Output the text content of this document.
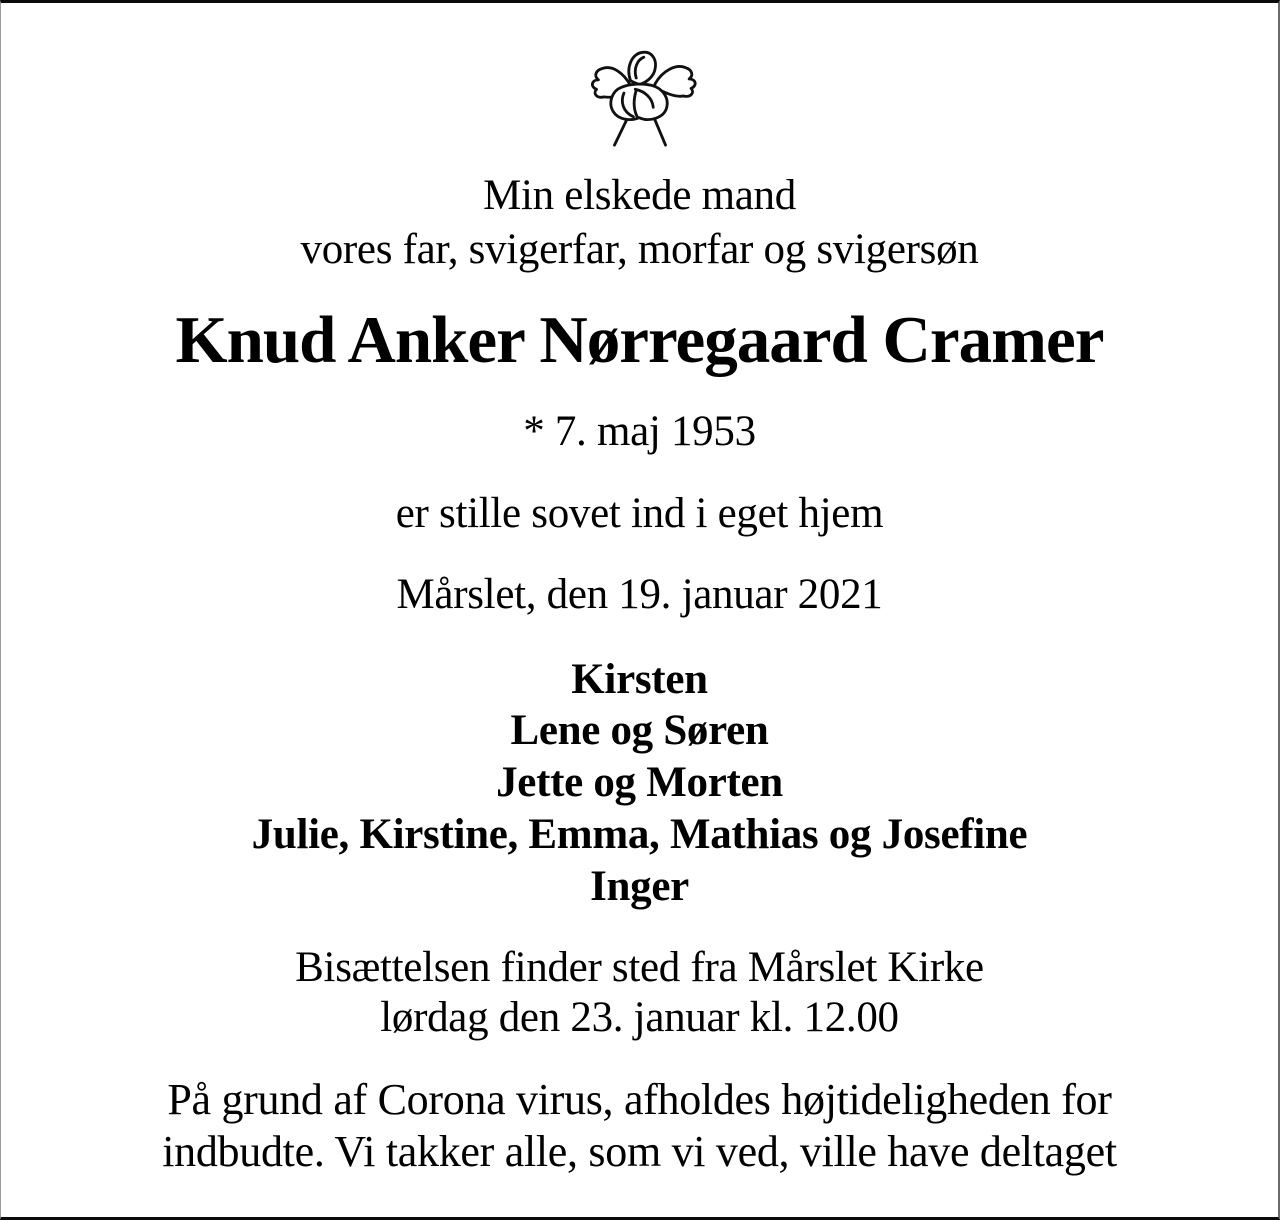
Min elskede mand
vores far, svigerfar, morfar og svigersøn
Knud Anker Nørregaard Cramer
* 7. maj 1953
er stille sovet ind i eget hjem
Mårslet, den 19. januar 2021
Kirsten
Lene og Søren
Jette og Morten
Julie, Kirstine, Emma, Mathias og Josefine
Inger
Bisættelsen finder sted fra Mårslet Kirke
lørdag den 23. januar kl. 12.00
På grund af Corona virus, afholdes højtideligheden for
indbudte. Vi takker alle, som vi ved, ville have deltaget
